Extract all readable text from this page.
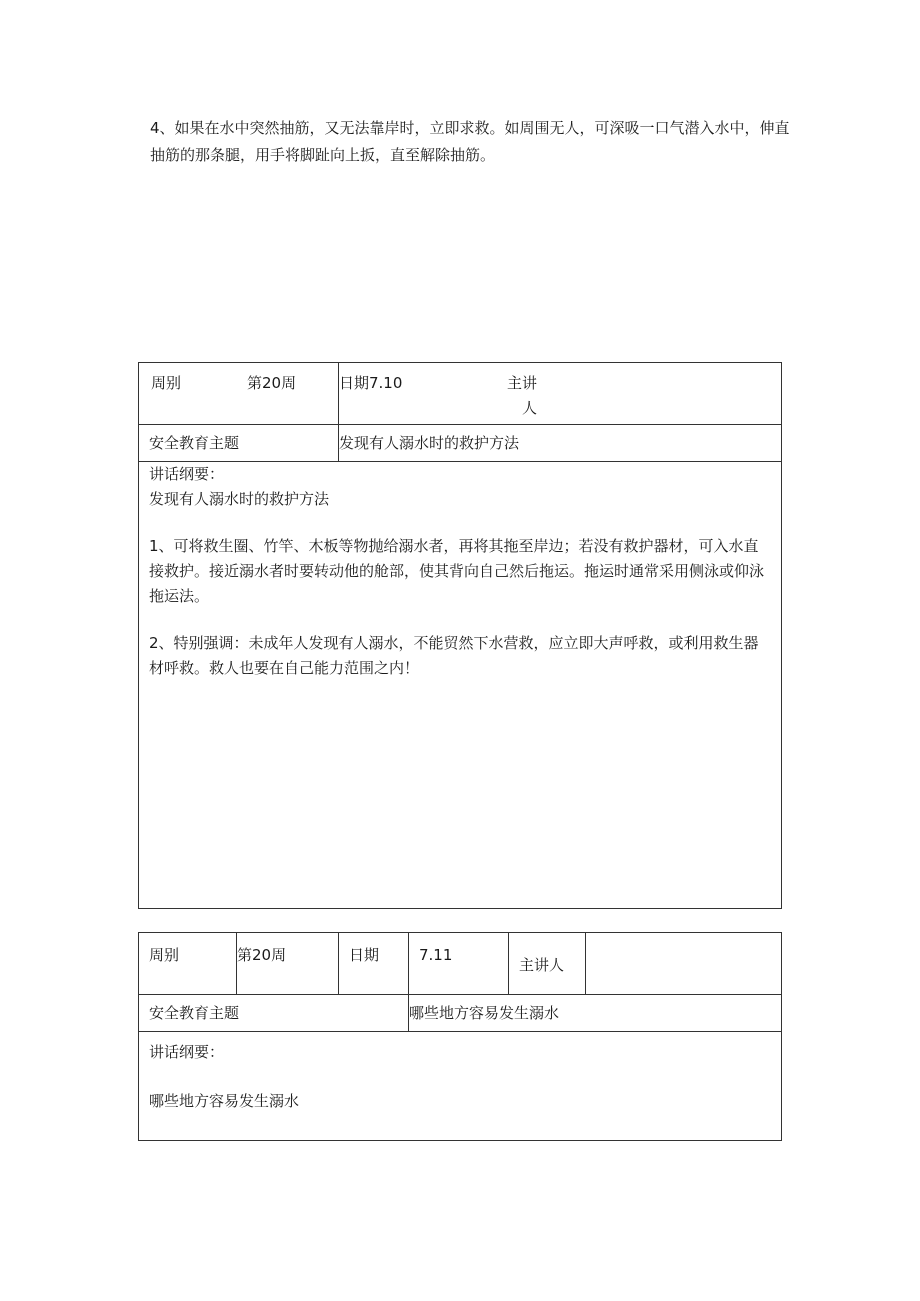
4、如果在水中突然抽筋，又无法靠岸时，立即求救。如周围无人，可深吸一口气潜入水中，伸直抽筋的那条腿，用手将脚趾向上扳，直至解除抽筋。

周别 第20周	日期7.10 主讲
人

安全教育主题	发现有人溺水时的救护方法

讲话纲要：

发现有人溺水时的救护方法

1、可将救生圈、竹竿、木板等物抛给溺水者，再将其拖至岸边；若没有救护器材，可入水直接救护。接近溺水者时要转动他的舱部，使其背向自己然后拖运。拖运时通常采用侧泳或仰泳拖运法。

2、特别强调：未成年人发现有人溺水，不能贸然下水营救，应立即大声呼救，或利用救生器材呼救。救人也要在自己能力范围之内！	

周别	第20周	日期	7.11	主讲人	
安全教育主题			哪些地方容易发生溺水		

讲话纲要：

哪些地方容易发生溺水					
